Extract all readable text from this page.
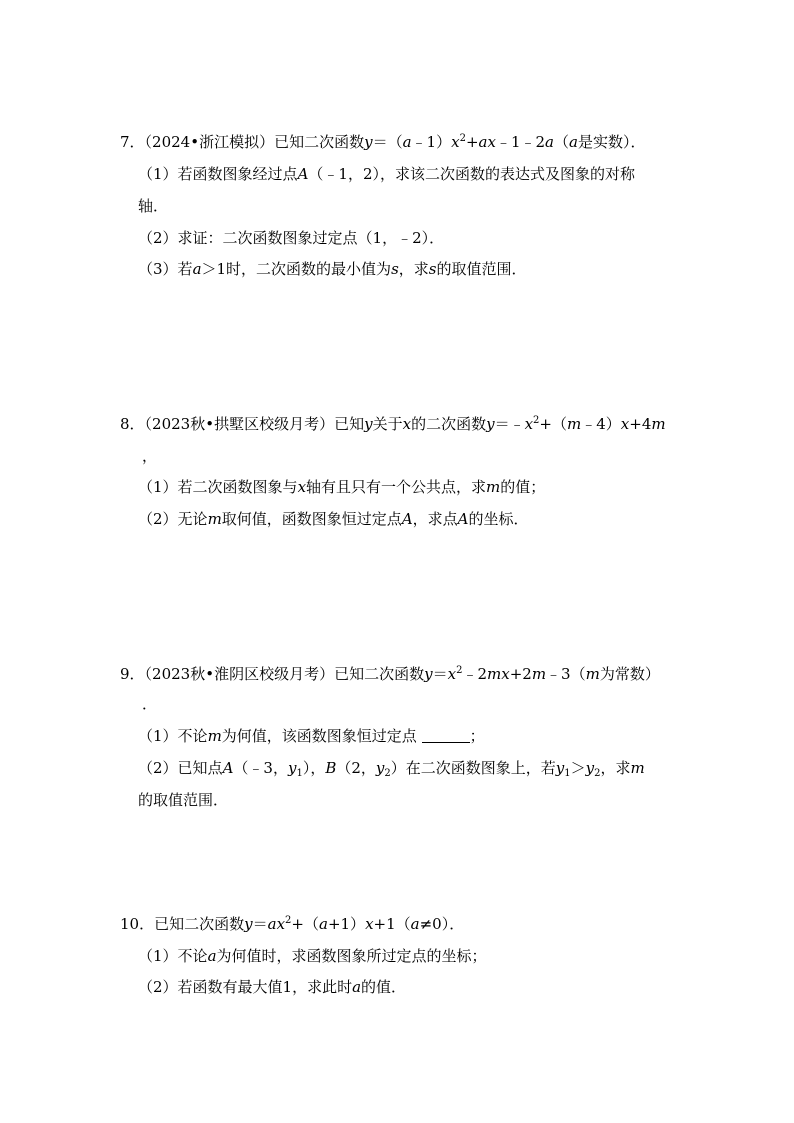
7．（2024•浙江模拟）已知二次函数$y=(a﹣1)x^2+ax﹣1﹣2a(a$是实数）．
（1）若函数图象经过点A（﹣1，2），求该二次函数的表达式及图象的对称
轴．
（2）求证：二次函数图象过定点（1，﹣2）．
（3）若a＞1时，二次函数的最小值为s，求s的取值范围．
8．（2023秋•拱墅区校级月考）已知y关于x的二次函数$y=﹣x^2+(m﹣4)x+4m$
，
（1）若二次函数图象与x轴有且只有一个公共点，求m的值；
（2）无论m取何值，函数图象恒过定点A，求点A的坐标．
9．（2023秋•淮阴区校级月考）已知二次函数$y=x^2﹣2mx+2m﹣3(m$为常数）
．
（1）不论m为何值，该函数图象恒过定点	；
（2）已知点A（﹣3，$y_1$），B（2，$y_2$）在二次函数图象上，若$y_1>y_2$，求m
的取值范围．
10．已知二次函数$y=ax^2+(a+1)x+1(a\ne 0)$．
（1）不论a为何值时，求函数图象所过定点的坐标；
（2）若函数有最大值1，求此时a的值．
